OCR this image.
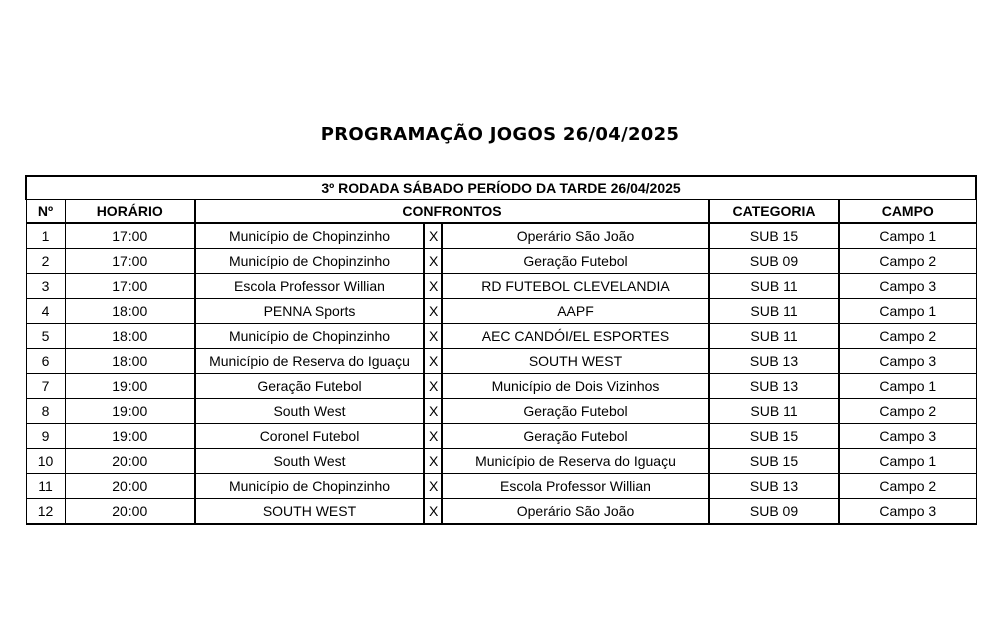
PROGRAMAÇÃO JOGOS 26/04/2025
3º RODADA SÁBADO PERÍODO DA TARDE 26/04/2025						
Nº	HORÁRIO	CONFRONTOS			CATEGORIA	CAMPO
1	17:00	Município de Chopinzinho	X	Operário São João	SUB 15	Campo 1
2	17:00	Município de Chopinzinho	X	Geração Futebol	SUB 09	Campo 2
3	17:00	Escola Professor Willian	X	RD FUTEBOL CLEVELANDIA	SUB 11	Campo 3
4	18:00	PENNA Sports	X	AAPF	SUB 11	Campo 1
5	18:00	Município de Chopinzinho	X	AEC CANDÓI/EL ESPORTES	SUB 11	Campo 2
6	18:00	Município de Reserva do Iguaçu	X	SOUTH WEST	SUB 13	Campo 3
7	19:00	Geração Futebol	X	Município de Dois Vizinhos	SUB 13	Campo 1
8	19:00	South West	X	Geração Futebol	SUB 11	Campo 2
9	19:00	Coronel Futebol	X	Geração Futebol	SUB 15	Campo 3
10	20:00	South West	X	Município de Reserva do Iguaçu	SUB 15	Campo 1
11	20:00	Município de Chopinzinho	X	Escola Professor Willian	SUB 13	Campo 2
12	20:00	SOUTH WEST	X	Operário São João	SUB 09	Campo 3
